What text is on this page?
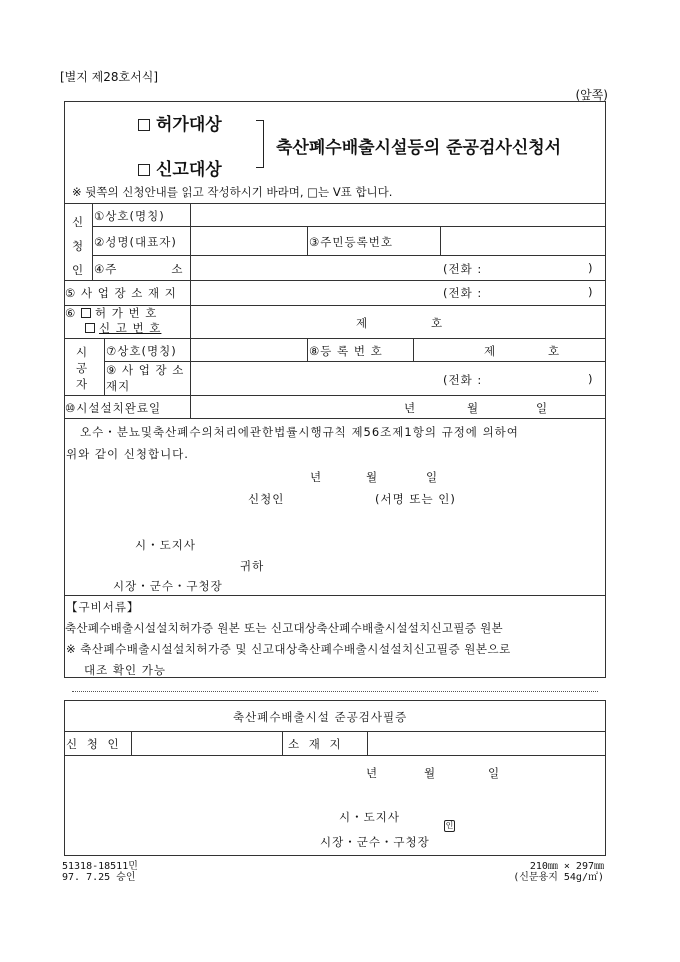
[별지 제28호서식]
(앞쪽)
허가대상
신고대상
축산폐수배출시설등의 준공검사신청서
※ 뒷쪽의 신청안내를 읽고 작성하시기 바라며, □는 V표 합니다.
신
청
인
①상호(명칭)
②성명(대표자)	③주민등록번호
④주	소	(전화 :	)
⑤ 사 업 장 소 재 지	(전화 :	)
⑥ 허 가 번 호
신 고 번 호	제	호
시
공
자
⑦상호(명칭)	⑧등 록 번 호	제	호
⑨ 사 업 장 소
재지	(전화 :	)
⑩시설설치완료일	년	월	일
오수・분뇨및축산폐수의처리에관한법률시행규칙 제56조제1항의 규정에 의하여
위와 같이 신청합니다.
년	월	일
신청인	(서명 또는 인)
시・도지사
귀하
시장・군수・구청장
【구비서류】
축산폐수배출시설설치허가증 원본 또는 신고대상축산폐수배출시설설치신고필증 원본
※ 축산폐수배출시설설치허가증 및 신고대상축산폐수배출시설설치신고필증 원본으로
대조 확인 가능
축산폐수배출시설 준공검사필증
신 청 인	소 재 지
년	월	일
시・도지사
시장・군수・구청장
인
51318-18511민
97. 7.25 승인
210㎜ × 297㎜
(신문용지 54g/㎡)
